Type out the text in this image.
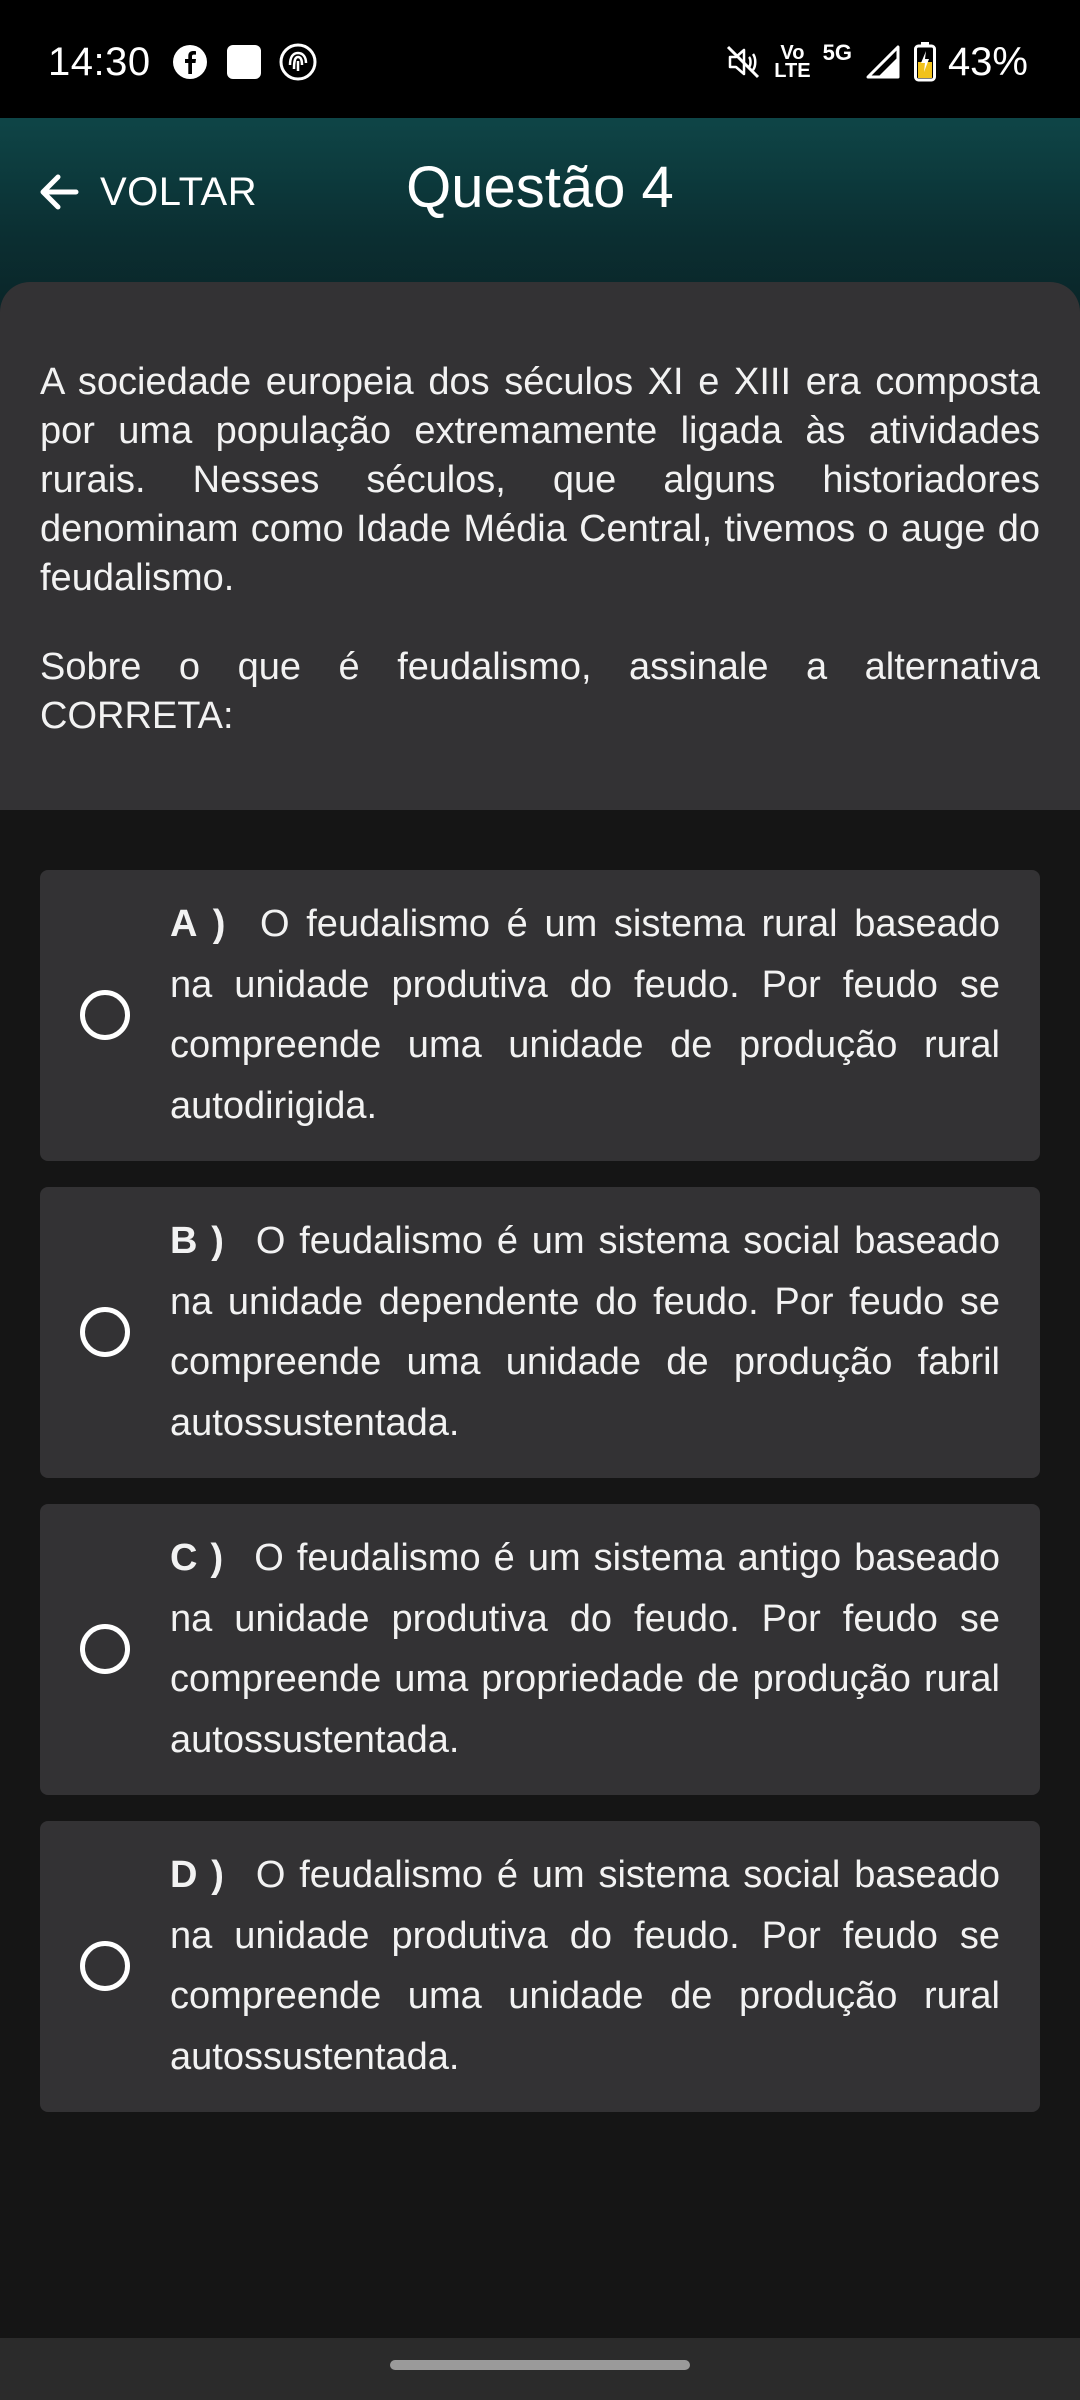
14:30	Vo
LTE
5G 43%
VOLTAR	Questão 4

A sociedade europeia dos séculos XI e XIII era composta por uma população extremamente ligada às atividades rurais. Nesses séculos, que alguns historiadores denominam como Idade Média Central, tivemos o auge do feudalismo.

Sobre o que é feudalismo, assinale a alternativa CORRETA:

A ) O feudalismo é um sistema rural baseado na unidade produtiva do feudo. Por feudo se compreende uma unidade de produção rural autodirigida.
B ) O feudalismo é um sistema social baseado na unidade dependente do feudo. Por feudo se compreende uma unidade de produção fabril autossustentada.
C ) O feudalismo é um sistema antigo baseado na unidade produtiva do feudo. Por feudo se compreende uma propriedade de produção rural autossustentada.
D ) O feudalismo é um sistema social baseado na unidade produtiva do feudo. Por feudo se compreende uma unidade de produção rural autossustentada.
